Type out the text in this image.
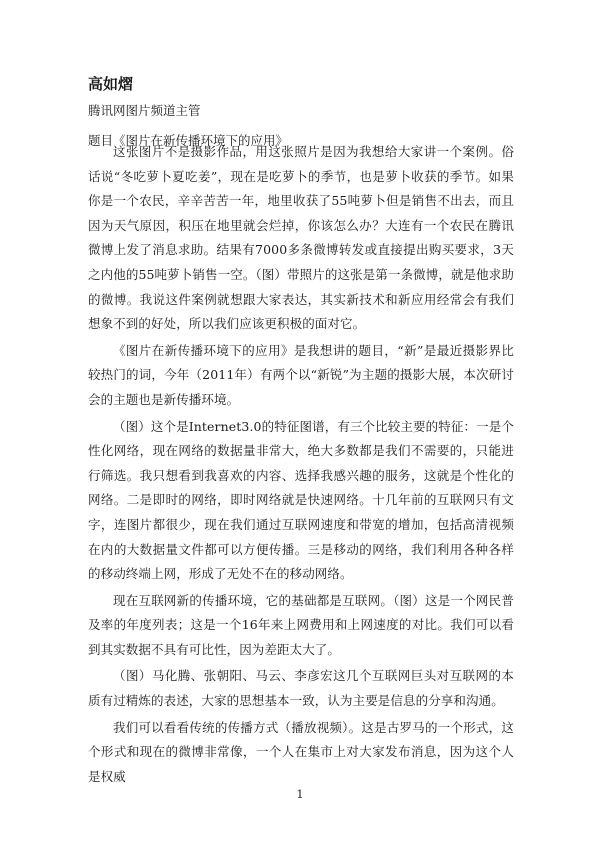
高如熠

腾讯网图片频道主管

题目《图片在新传播环境下的应用》

这张图片不是摄影作品，用这张照片是因为我想给大家讲一个案例。俗话说“冬吃萝卜夏吃姜”，现在是吃萝卜的季节，也是萝卜收获的季节。如果你是一个农民，辛辛苦苦一年，地里收获了55吨萝卜但是销售不出去，而且因为天气原因，积压在地里就会烂掉，你该怎么办？大连有一个农民在腾讯微博上发了消息求助。结果有7000多条微博转发或直接提出购买要求，3天之内他的55吨萝卜销售一空。（图）带照片的这张是第一条微博，就是他求助的微博。我说这件案例就想跟大家表达，其实新技术和新应用经常会有我们想象不到的好处，所以我们应该更积极的面对它。

《图片在新传播环境下的应用》是我想讲的题目，“新”是最近摄影界比较热门的词，今年（2011年）有两个以“新锐”为主题的摄影大展，本次研讨会的主题也是新传播环境。

（图）这个是Internet3.0的特征图谱，有三个比较主要的特征：一是个性化网络，现在网络的数据量非常大，绝大多数都是我们不需要的，只能进行筛选。我只想看到我喜欢的内容、选择我感兴趣的服务，这就是个性化的网络。二是即时的网络，即时网络就是快速网络。十几年前的互联网只有文字，连图片都很少，现在我们通过互联网速度和带宽的增加，包括高清视频在内的大数据量文件都可以方便传播。三是移动的网络，我们利用各种各样的移动终端上网，形成了无处不在的移动网络。

现在互联网新的传播环境，它的基础都是互联网。（图）这是一个网民普及率的年度列表；这是一个16年来上网费用和上网速度的对比。我们可以看到其实数据不具有可比性，因为差距太大了。

（图）马化腾、张朝阳、马云、李彦宏这几个互联网巨头对互联网的本质有过精炼的表述，大家的思想基本一致，认为主要是信息的分享和沟通。

我们可以看看传统的传播方式（播放视频）。这是古罗马的一个形式，这个形式和现在的微博非常像，一个人在集市上对大家发布消息，因为这个人是权威

1
